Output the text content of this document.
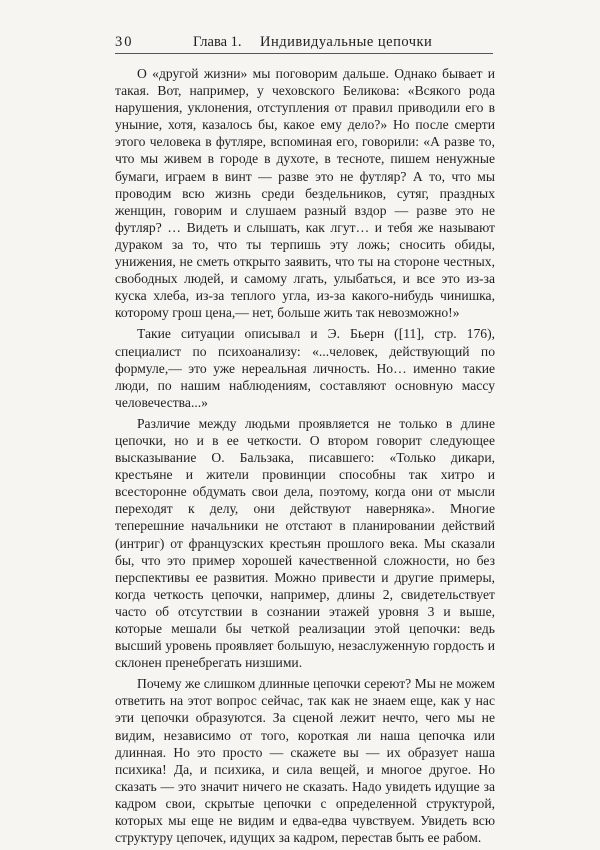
30	Глава 1. Индивидуальные цепочки

О «другой жизни» мы поговорим дальше. Однако бывает и такая. Вот, например, у чеховского Беликова: «Всякого рода нарушения, уклонения, отступления от правил приводили его в уныние, хотя, казалось бы, какое ему дело?» Но после смерти этого человека в футляре, вспоминая его, говорили: «А разве то, что мы живем в городе в духоте, в тесноте, пишем ненужные бумаги, играем в винт — разве это не футляр? А то, что мы проводим всю жизнь среди бездельников, сутяг, праздных женщин, говорим и слушаем разный вздор — разве это не футляр? … Видеть и слышать, как лгут… и тебя же называют дураком за то, что ты терпишь эту ложь; сносить обиды, унижения, не сметь открыто заявить, что ты на стороне честных, свободных людей, и самому лгать, улыбаться, и все это из-за куска хлеба, из-за теплого угла, из-за какого-нибудь чинишка, которому грош цена,— нет, больше жить так невозможно!»

Такие ситуации описывал и Э. Бьерн ([11], стр. 176), специалист по психоанализу: «...человек, действующий по формуле,— это уже нереальная личность. Но… именно такие люди, по нашим наблюдениям, составляют основную массу человечества...»

Различие между людьми проявляется не только в длине цепочки, но и в ее четкости. О втором говорит следующее высказывание О. Бальзака, писавшего: «Только дикари, крестьяне и жители провинции способны так хитро и всесторонне обдумать свои дела, поэтому, когда они от мысли переходят к делу, они действуют наверняка». Многие теперешние начальники не отстают в планировании действий (интриг) от французских крестьян прошлого века. Мы сказали бы, что это пример хорошей качественной сложности, но без перспективы ее развития. Можно привести и другие примеры, когда четкость цепочки, например, длины 2, свидетельствует часто об отсутствии в сознании этажей уровня 3 и выше, которые мешали бы четкой реализации этой цепочки: ведь высший уровень проявляет большую, незаслуженную гордость и склонен пренебрегать низшими.

Почему же слишком длинные цепочки сереют? Мы не можем ответить на этот вопрос сейчас, так как не знаем еще, как у нас эти цепочки образуются. За сценой лежит нечто, чего мы не видим, независимо от того, короткая ли наша цепочка или длинная. Но это просто — скажете вы — их образует наша психика! Да, и психика, и сила вещей, и многое другое. Но сказать — это значит ничего не сказать. Надо увидеть идущие за кадром свои, скрытые цепочки с определенной структурой, которых мы еще не видим и едва-едва чувствуем. Увидеть всю структуру цепочек, идущих за кадром, перестав быть ее рабом.
